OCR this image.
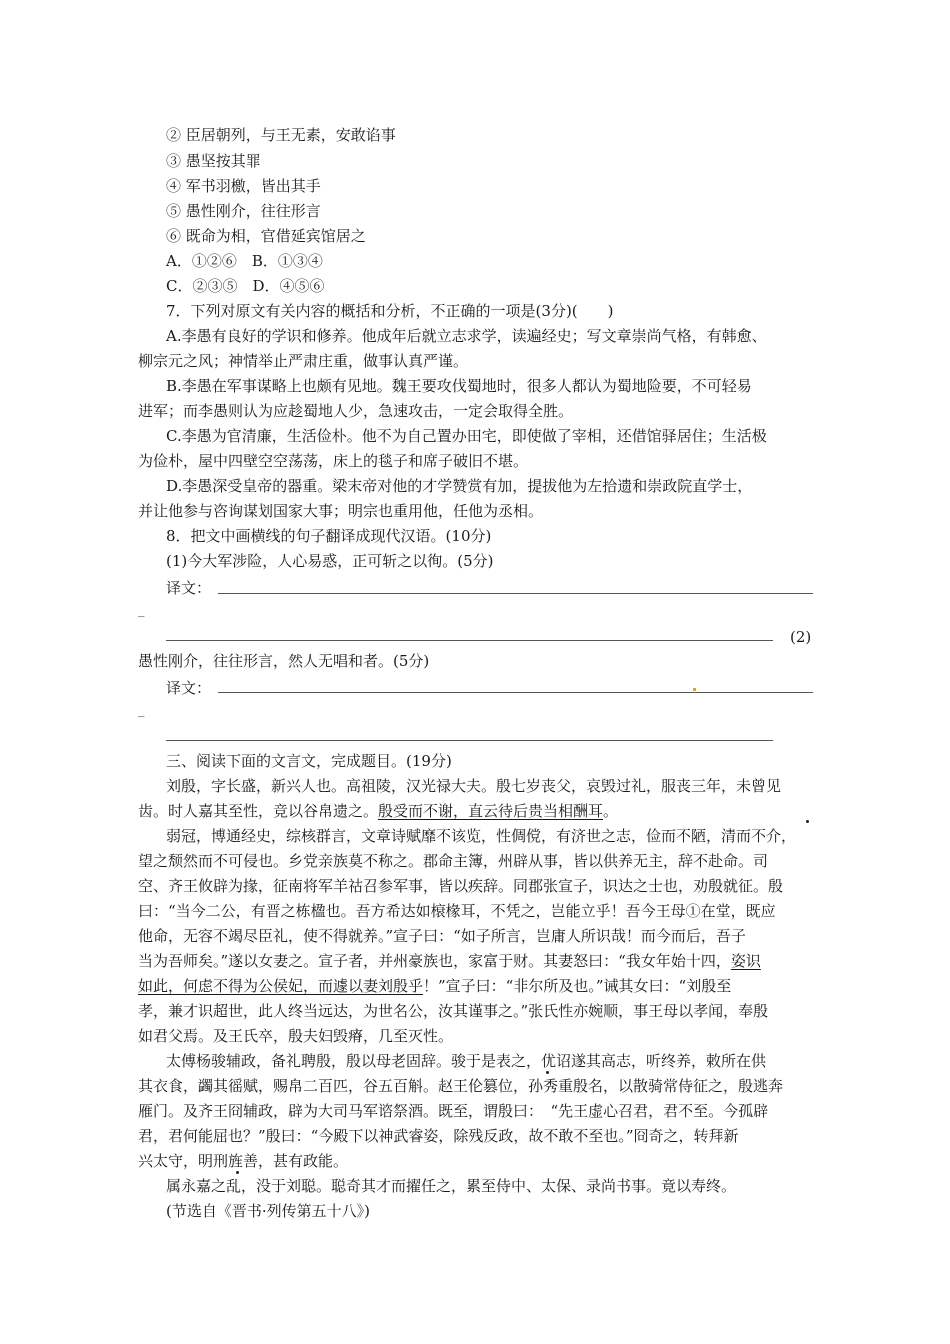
② 臣居朝列，与王无素，安敢谄事
③ 愚坚按其罪
④ 军书羽檄，皆出其手
⑤ 愚性刚介，往往形言
⑥ 既命为相，官借延宾馆居之
A．①②⑥　B．①③④
C．②③⑤　D．④⑤⑥
7．下列对原文有关内容的概括和分析，不正确的一项是(3分)(　　)
A.李愚有良好的学识和修养。他成年后就立志求学，读遍经史；写文章崇尚气格，有韩愈、
柳宗元之风；神情举止严肃庄重，做事认真严谨。
B.李愚在军事谋略上也颇有见地。魏王要攻伐蜀地时，很多人都认为蜀地险要，不可轻易
进军；而李愚则认为应趁蜀地人少，急速攻击，一定会取得全胜。
C.李愚为官清廉，生活俭朴。他不为自己置办田宅，即使做了宰相，还借馆驿居住；生活极
为俭朴，屋中四壁空空荡荡，床上的毯子和席子破旧不堪。
D.李愚深受皇帝的器重。梁末帝对他的才学赞赏有加，提拔他为左拾遗和崇政院直学士，
并让他参与咨询谋划国家大事；明宗也重用他，任他为丞相。
8．把文中画横线的句子翻译成现代汉语。(10分)
(1)今大军涉险，人心易惑，正可斩之以徇。(5分)
译文：
_
(2)
愚性刚介，往往形言，然人无唱和者。(5分)
译文：
_
三、阅读下面的文言文，完成题目。(19分)
刘殷，字长盛，新兴人也。高祖陵，汉光禄大夫。殷七岁丧父，哀毁过礼，服丧三年，未曾见
齿。时人嘉其至性，竞以谷帛遗之。殷受而不谢，直云待后贵当相酬耳。
弱冠，博通经史，综核群言，文章诗赋靡不该览，性倜傥，有济世之志，俭而不陋，清而不介，
望之颓然而不可侵也。乡党亲族莫不称之。郡命主簿，州辟从事，皆以供养无主，辞不赴命。司
空、齐王攸辟为掾，征南将军羊祜召参军事，皆以疾辞。同郡张宣子，识达之士也，劝殷就征。殷
曰：“当今二公，有晋之栋楹也。吾方希达如榱椽耳，不凭之，岂能立乎！吾今王母①在堂，既应
他命，无容不竭尽臣礼，使不得就养。”宣子曰：“如子所言，岂庸人所识哉！而今而后，吾子
当为吾师矣。”遂以女妻之。宣子者，并州豪族也，家富于财。其妻怒曰：“我女年始十四，姿识
如此，何虑不得为公侯妃，而遽以妻刘殷乎！”宣子曰：“非尔所及也。”诫其女曰：“刘殷至
孝，兼才识超世，此人终当远达，为世名公，汝其谨事之。”张氏性亦婉顺，事王母以孝闻，奉殷
如君父焉。及王氏卒，殷夫妇毁瘠，几至灭性。
太傅杨骏辅政，备礼聘殷，殷以母老固辞。骏于是表之，优诏遂其高志，听终养，敕所在供
其衣食，蠲其徭赋，赐帛二百匹，谷五百斛。赵王伦篡位，孙秀重殷名，以散骑常侍征之，殷逃奔
雁门。及齐王冏辅政，辟为大司马军谘祭酒。既至，谓殷曰：　“先王虚心召君，君不至。今孤辟
君，君何能屈也？”殷曰：“今殿下以神武睿姿，除残反政，故不敢不至也。”冏奇之，转拜新
兴太守，明刑旌善，甚有政能。
属永嘉之乱，没于刘聪。聪奇其才而擢任之，累至侍中、太保、录尚书事。竟以寿终。
(节选自《晋书·列传第五十八》)
